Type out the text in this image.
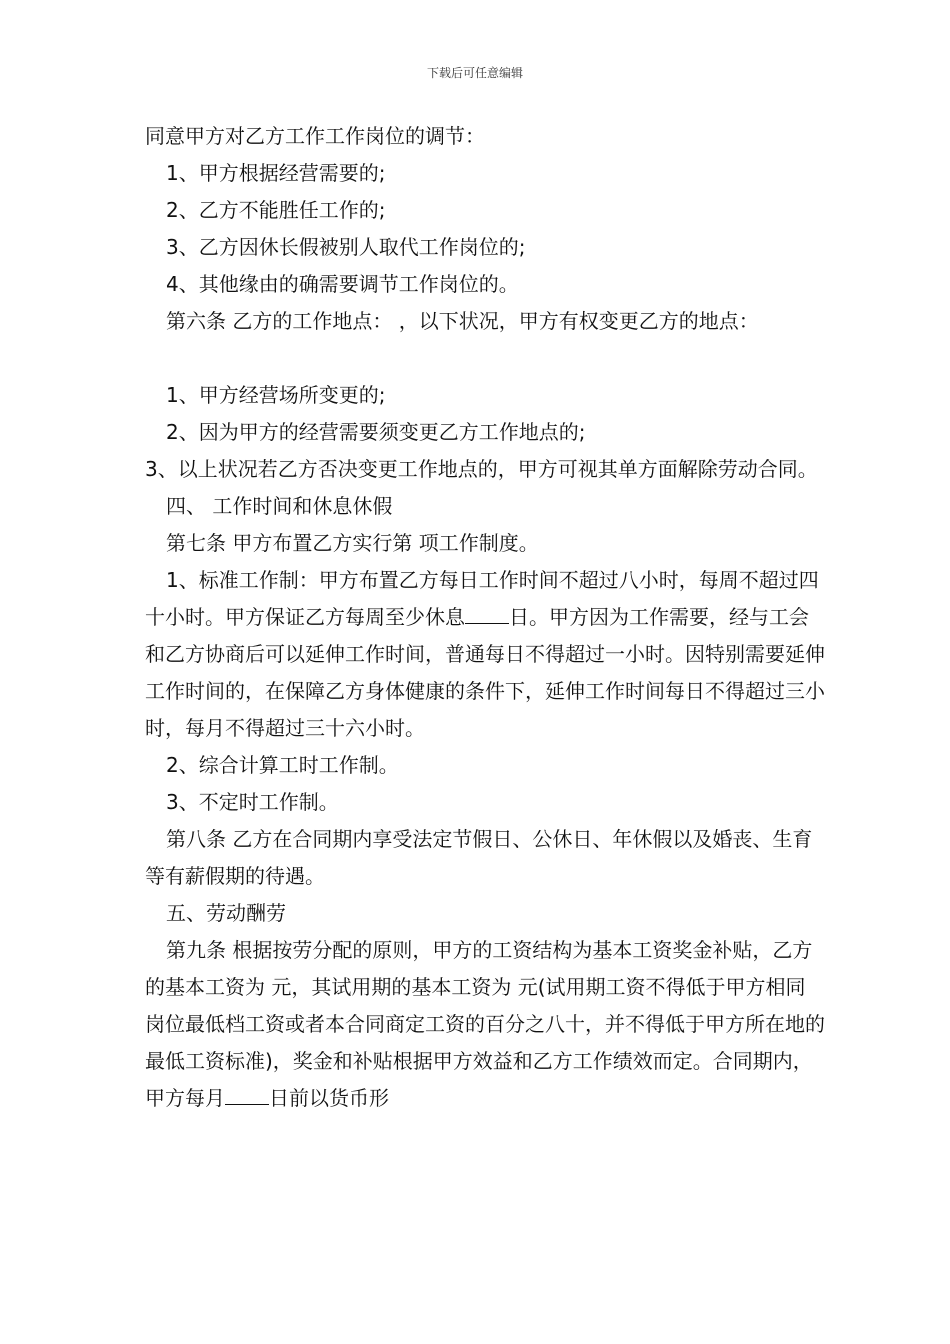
下载后可任意编辑

同意甲方对乙方工作工作岗位的调节：

1、甲方根据经营需要的;

2、乙方不能胜任工作的;

3、乙方因休长假被别人取代工作岗位的;

4、其他缘由的确需要调节工作岗位的。

第六条 乙方的工作地点： ，以下状况，甲方有权变更乙方的地点：

1、甲方经营场所变更的;

2、因为甲方的经营需要须变更乙方工作地点的;

3、以上状况若乙方否决变更工作地点的，甲方可视其单方面解除劳动合同。

四、 工作时间和休息休假

第七条 甲方布置乙方实行第 项工作制度。

1、标准工作制：甲方布置乙方每日工作时间不超过八小时，每周不超过四十小时。甲方保证乙方每周至少休息 日。甲方因为工作需要，经与工会和乙方协商后可以延伸工作时间，普通每日不得超过一小时。因特别需要延伸工作时间的，在保障乙方身体健康的条件下，延伸工作时间每日不得超过三小时，每月不得超过三十六小时。

2、综合计算工时工作制。

3、不定时工作制。

第八条 乙方在合同期内享受法定节假日、公休日、年休假以及婚丧、生育等有薪假期的待遇。

五、劳动酬劳

第九条 根据按劳分配的原则，甲方的工资结构为基本工资奖金补贴，乙方的基本工资为 元，其试用期的基本工资为 元(试用期工资不得低于甲方相同岗位最低档工资或者本合同商定工资的百分之八十，并不得低于甲方所在地的最低工资标准)，奖金和补贴根据甲方效益和乙方工作绩效而定。合同期内，甲方每月 日前以货币形
